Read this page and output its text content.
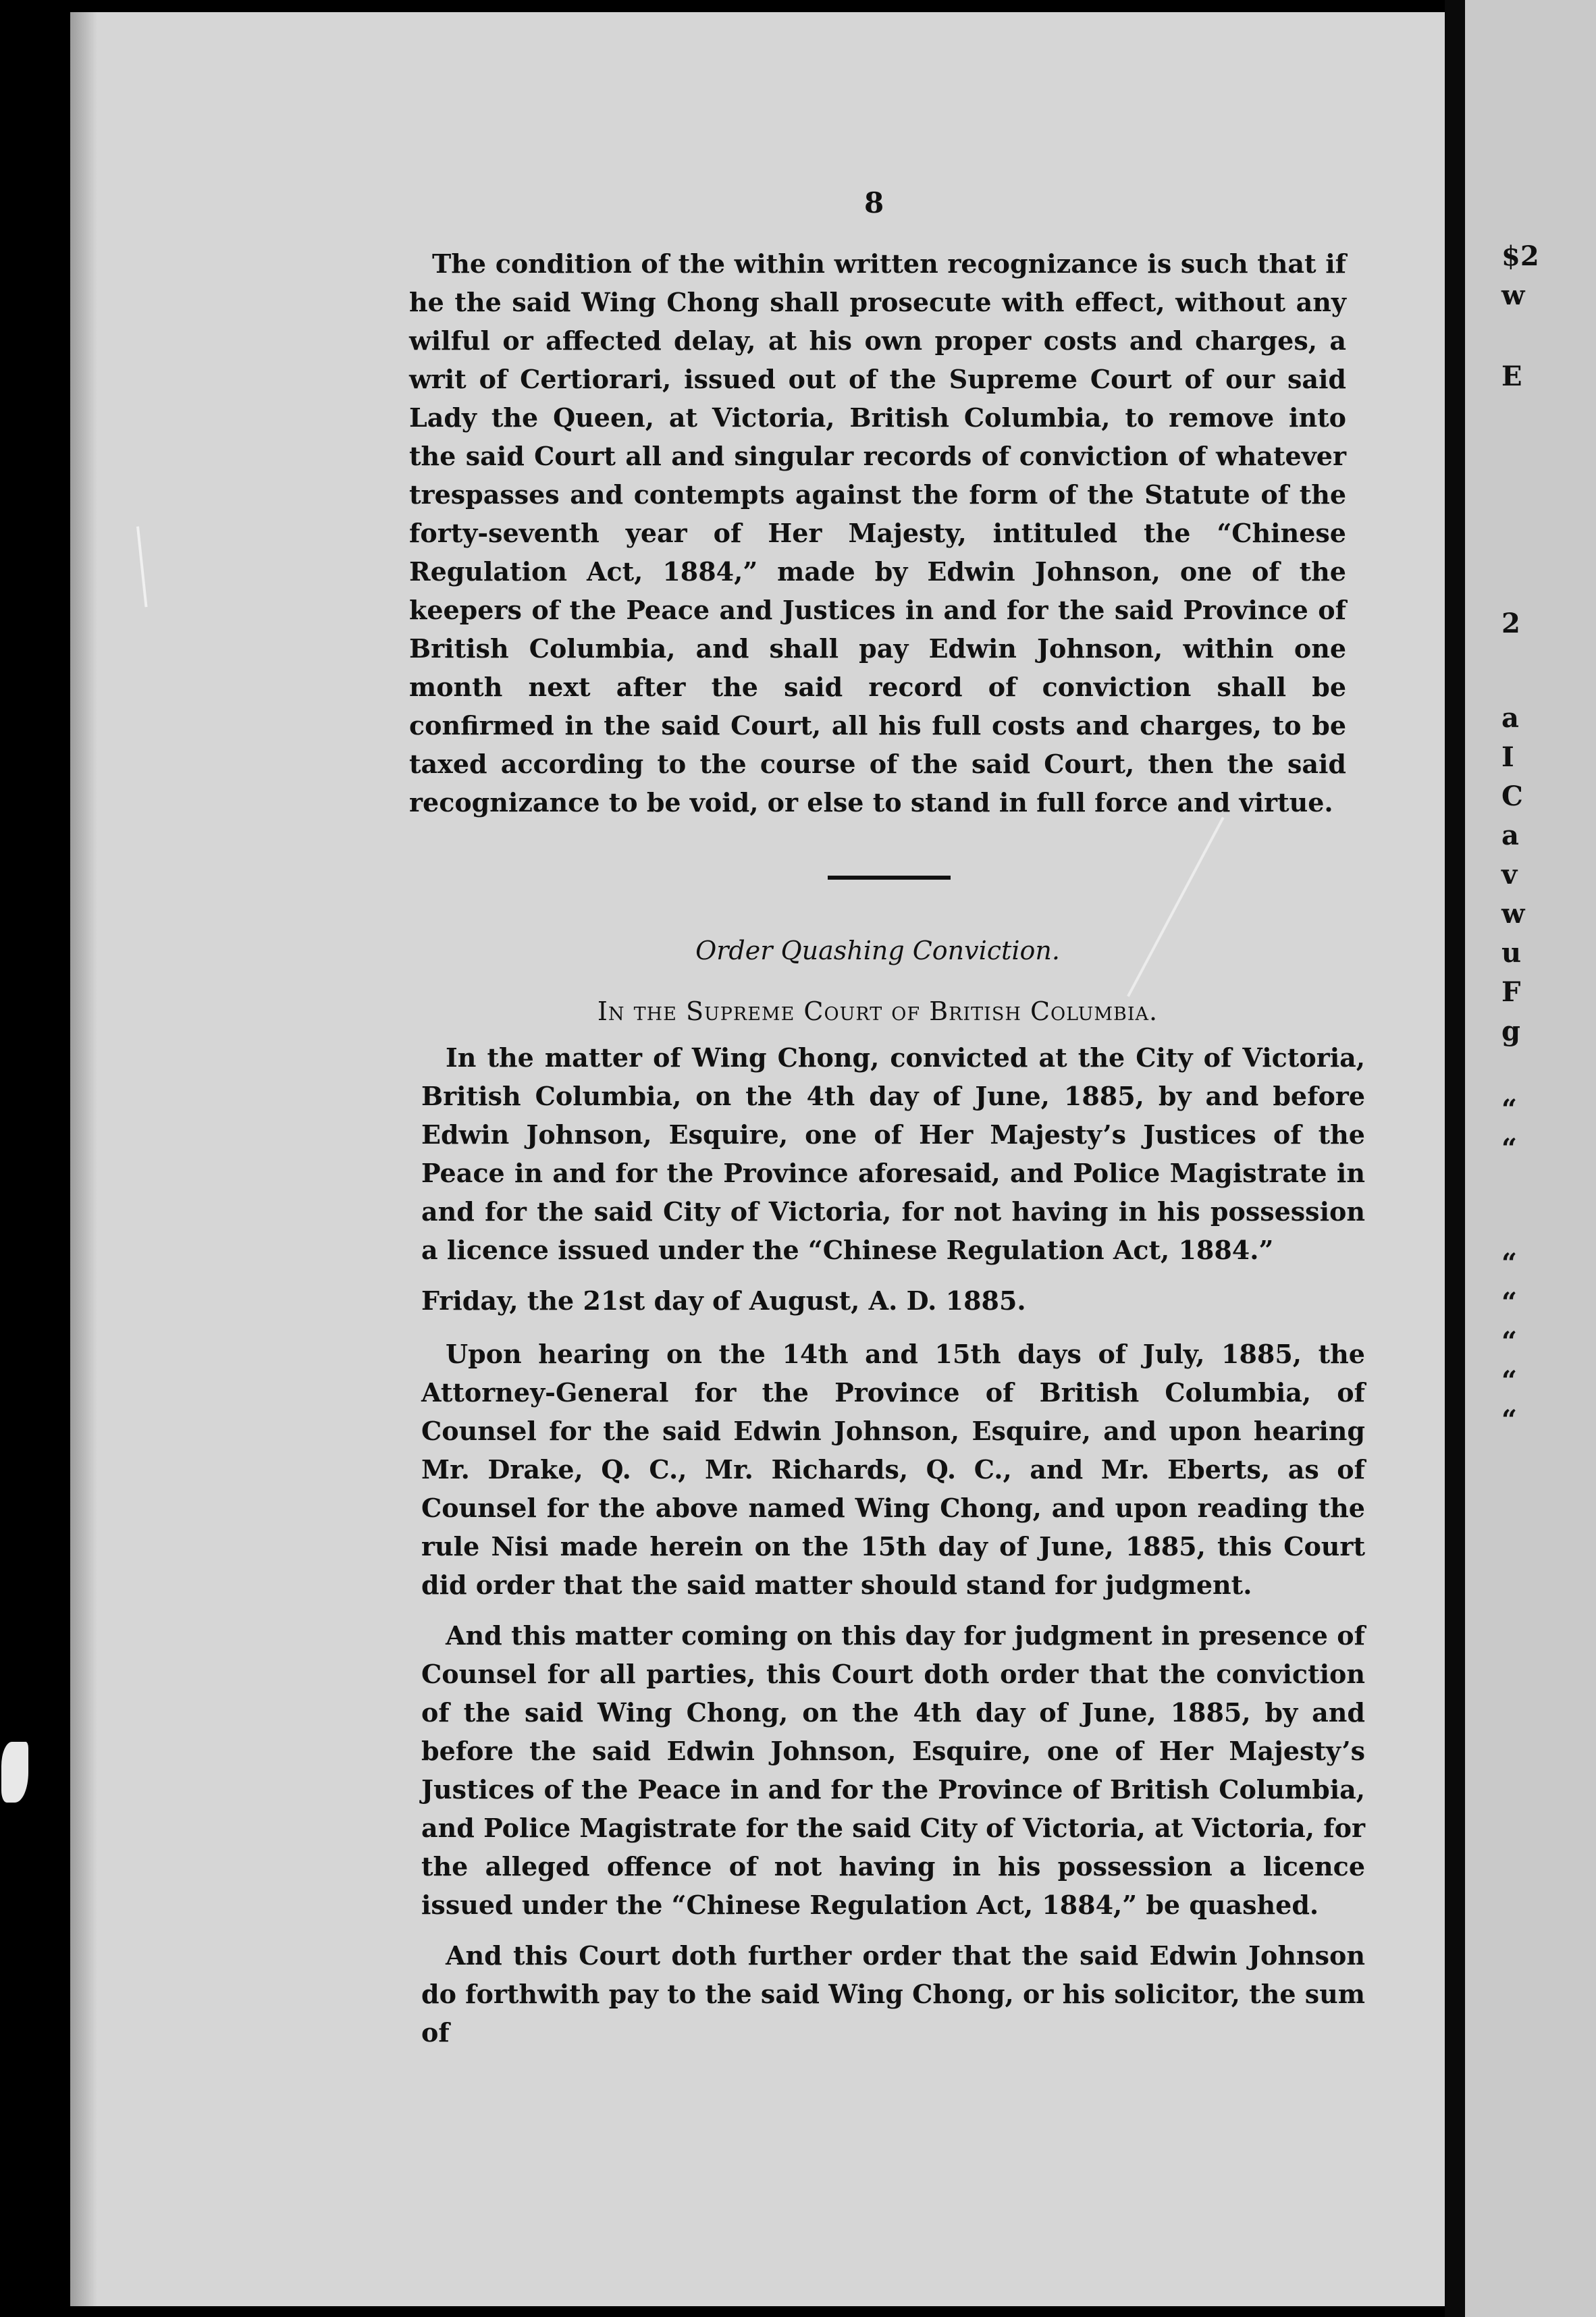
8

The condition of the within written recognizance is such that if he the said Wing Chong shall prosecute with effect, without any wilful or affected delay, at his own proper costs and charges, a writ of Certiorari, issued out of the Supreme Court of our said Lady the Queen, at Victoria, British Columbia, to remove into the said Court all and singular records of conviction of whatever trespasses and contempts against the form of the Statute of the forty-seventh year of Her Majesty, intituled the “Chinese Regulation Act, 1884,” made by Edwin Johnson, one of the keepers of the Peace and Justices in and for the said Province of British Columbia, and shall pay Edwin Johnson, within one month next after the said record of conviction shall be confirmed in the said Court, all his full costs and charges, to be taxed according to the course of the said Court, then the said recognizance to be void, or else to stand in full force and virtue.

Order Quashing Conviction.
In the Supreme Court of British Columbia.

In the matter of Wing Chong, convicted at the City of Victoria, British Columbia, on the 4th day of June, 1885, by and before Edwin Johnson, Esquire, one of Her Majesty’s Justices of the Peace in and for the Province aforesaid, and Police Magistrate in and for the said City of Victoria, for not having in his possession a licence issued under the “Chinese Regulation Act, 1884.”

Friday, the 21st day of August, A. D. 1885.

Upon hearing on the 14th and 15th days of July, 1885, the Attorney-General for the Province of British Columbia, of Counsel for the said Edwin Johnson, Esquire, and upon hearing Mr. Drake, Q. C., Mr. Richards, Q. C., and Mr. Eberts, as of Counsel for the above named Wing Chong, and upon reading the rule Nisi made herein on the 15th day of June, 1885, this Court did order that the said matter should stand for judgment.

And this matter coming on this day for judgment in presence of Counsel for all parties, this Court doth order that the conviction of the said Wing Chong, on the 4th day of June, 1885, by and before the said Edwin Johnson, Esquire, one of Her Majesty’s Justices of the Peace in and for the Province of British Columbia, and Police Magistrate for the said City of Victoria, at Victoria, for the alleged offence of not having in his possession a licence issued under the “Chinese Regulation Act, 1884,” be quashed.

And this Court doth further order that the said Edwin Johnson do forthwith pay to the said Wing Chong, or his solicitor, the sum of

$2
w
E
2
a
I
C
a
v
w
u
F
g
“
“
“
“
“
“
“
